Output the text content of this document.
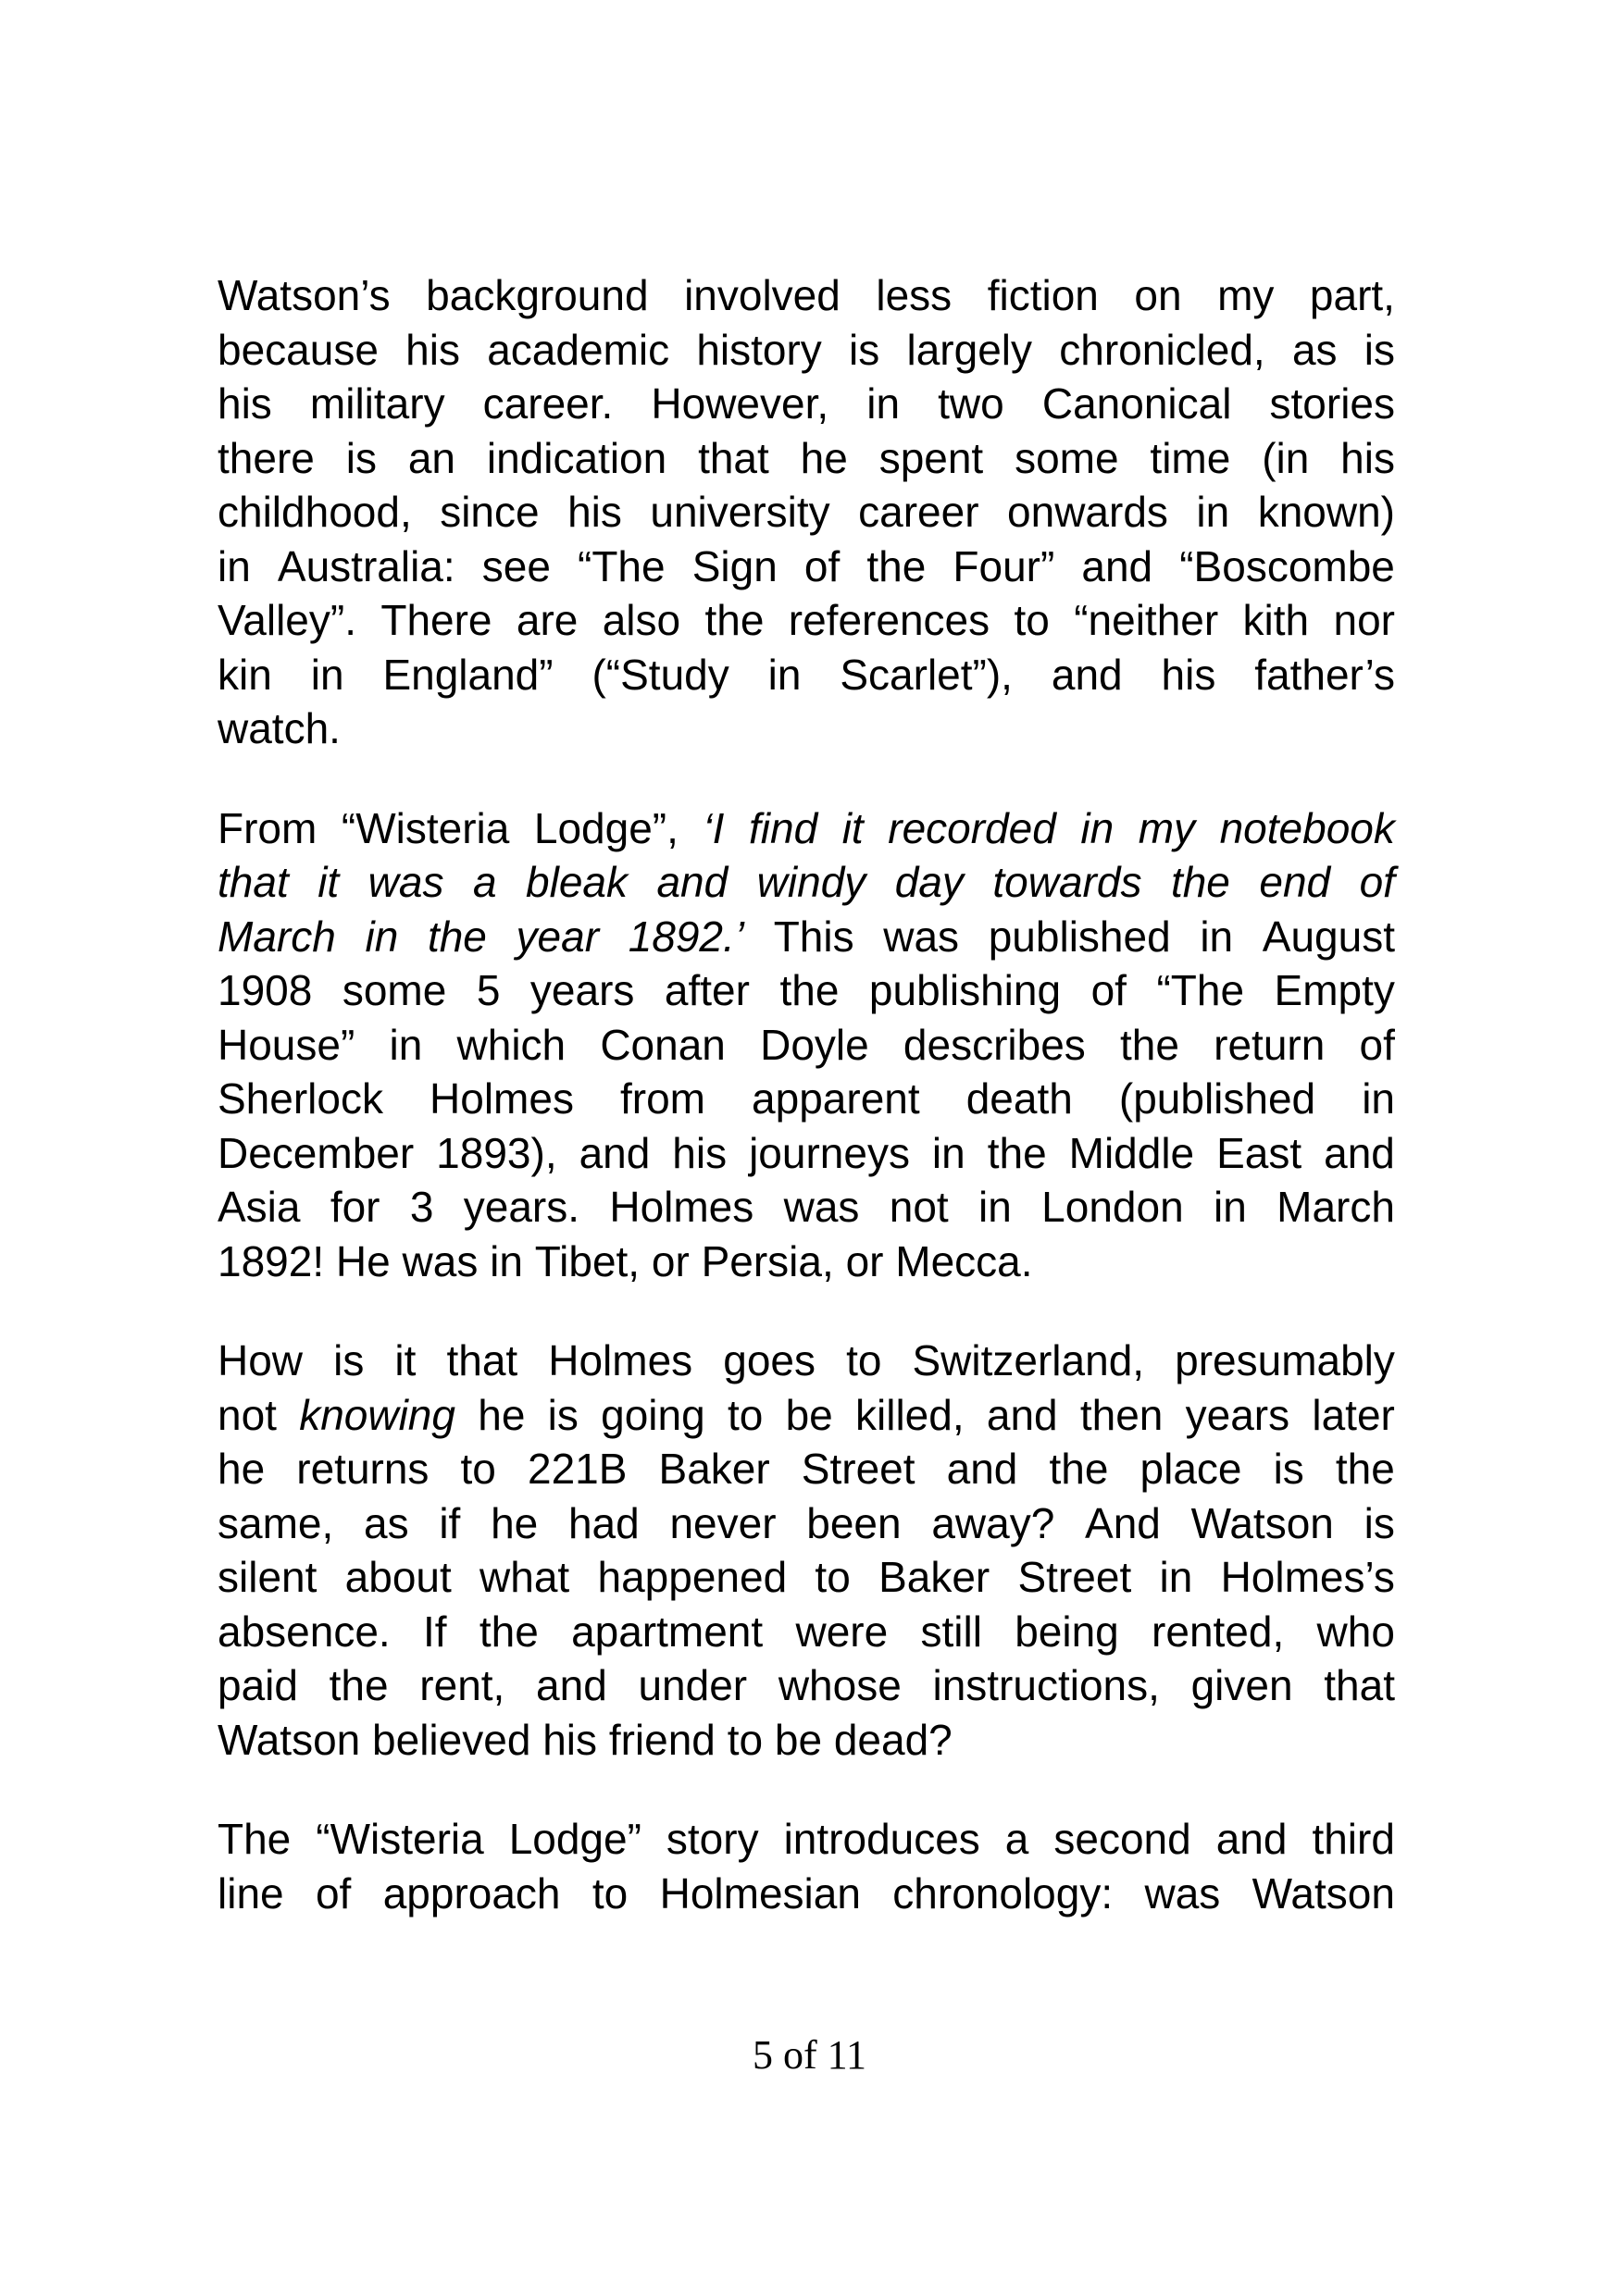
Watson’s background involved less fiction on my part,
because his academic history is largely chronicled, as is
his military career. However, in two Canonical stories
there is an indication that he spent some time (in his
childhood, since his university career onwards in known)
in Australia: see “The Sign of the Four” and “Boscombe
Valley”. There are also the references to “neither kith nor
kin in England” (“Study in Scarlet”), and his father’s
watch.
From “Wisteria Lodge”, ‘I find it recorded in my notebook
that it was a bleak and windy day towards the end of
March in the year 1892.’ This was published in August
1908 some 5 years after the publishing of “The Empty
House” in which Conan Doyle describes the return of
Sherlock Holmes from apparent death (published in
December 1893), and his journeys in the Middle East and
Asia for 3 years. Holmes was not in London in March
1892! He was in Tibet, or Persia, or Mecca.
How is it that Holmes goes to Switzerland, presumably
not knowing he is going to be killed, and then years later
he returns to 221B Baker Street and the place is the
same, as if he had never been away? And Watson is
silent about what happened to Baker Street in Holmes’s
absence. If the apartment were still being rented, who
paid the rent, and under whose instructions, given that
Watson believed his friend to be dead?
The “Wisteria Lodge” story introduces a second and third
line of approach to Holmesian chronology: was Watson
5 of 11
